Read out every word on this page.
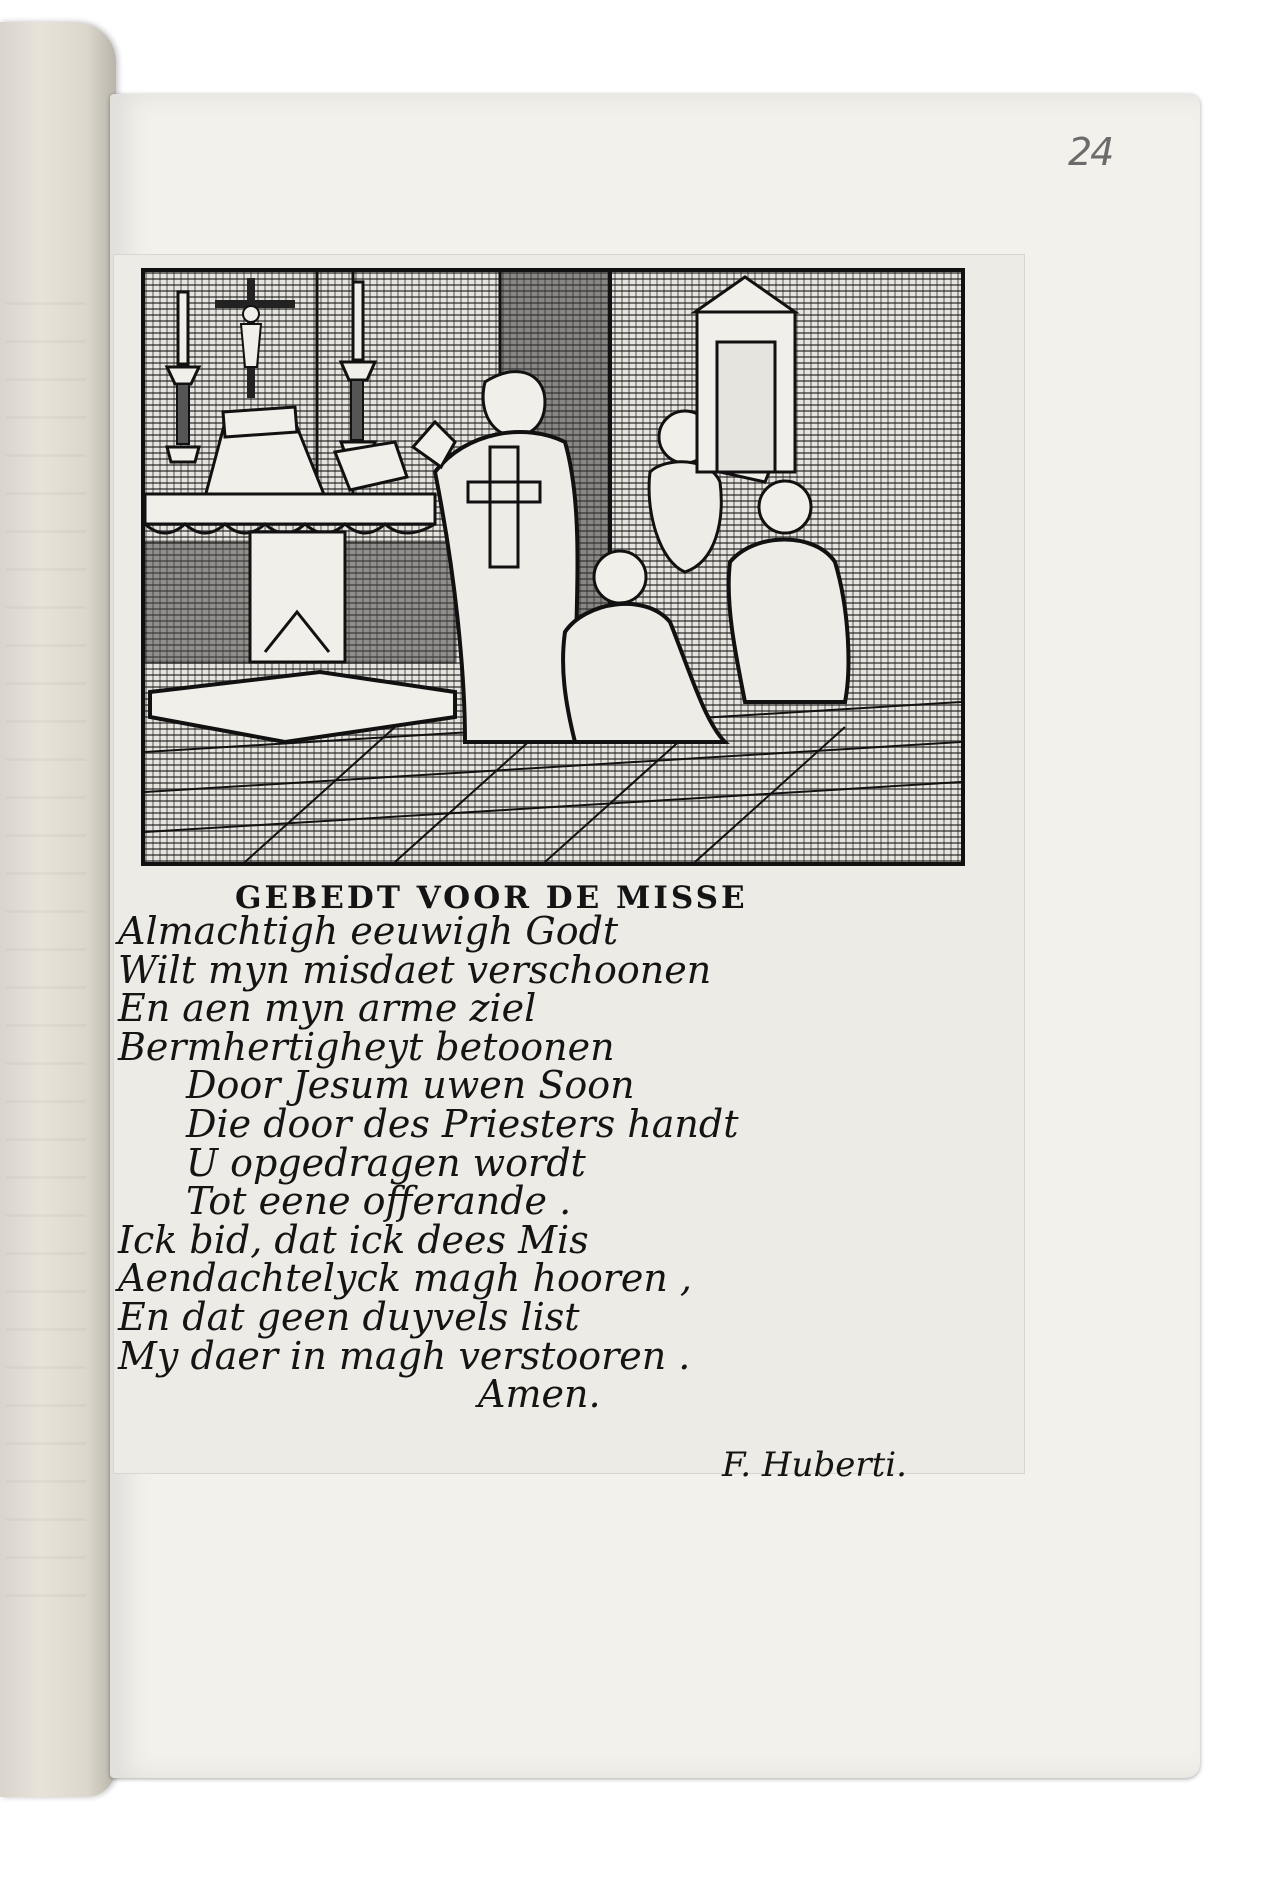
24
GEBEDT VOOR DE MISSE
Almachtigh eeuwigh Godt
Wilt myn misdaet verschoonen
En aen myn arme ziel
Bermhertigheyt betoonen
Door Jesum uwen Soon
Die door des Priesters handt
U opgedragen wordt
Tot eene offerande .
Ick bid, dat ick dees Mis
Aendachtelyck magh hooren ,
En dat geen duyvels list
My daer in magh verstooren .
Amen.
F. Huberti.
